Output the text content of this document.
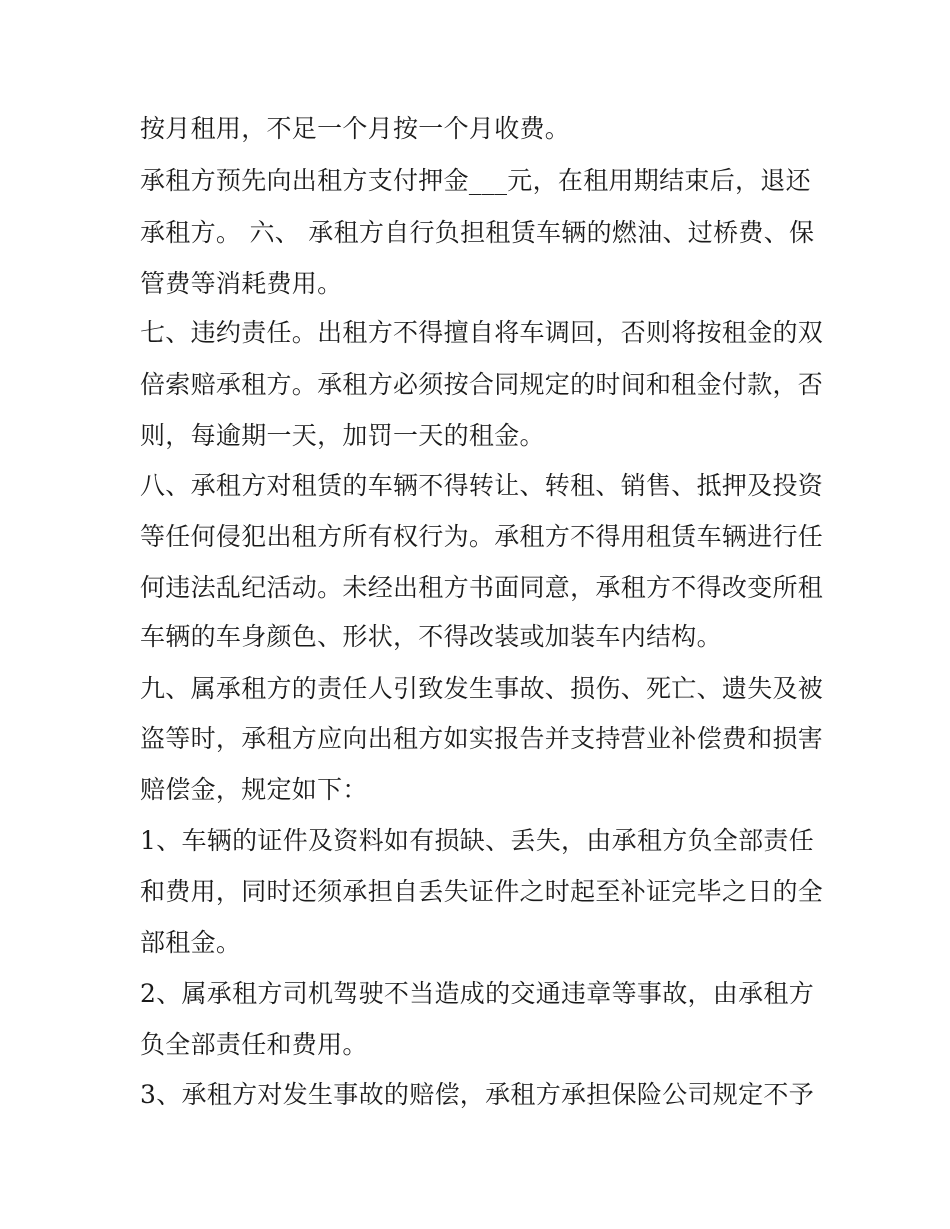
按月租用，不足一个月按一个月收费。
承租方预先向出租方支付押金___元，在租用期结束后，退还
承租方。 六、 承租方自行负担租赁车辆的燃油、过桥费、保
管费等消耗费用。
七、违约责任。出租方不得擅自将车调回，否则将按租金的双
倍索赔承租方。承租方必须按合同规定的时间和租金付款，否
则，每逾期一天，加罚一天的租金。
八、承租方对租赁的车辆不得转让、转租、销售、抵押及投资
等任何侵犯出租方所有权行为。承租方不得用租赁车辆进行任
何违法乱纪活动。未经出租方书面同意，承租方不得改变所租
车辆的车身颜色、形状，不得改装或加装车内结构。
九、属承租方的责任人引致发生事故、损伤、死亡、遗失及被
盗等时，承租方应向出租方如实报告并支持营业补偿费和损害
赔偿金，规定如下：
1、车辆的证件及资料如有损缺、丢失，由承租方负全部责任
和费用，同时还须承担自丢失证件之时起至补证完毕之日的全
部租金。
2、属承租方司机驾驶不当造成的交通违章等事故，由承租方
负全部责任和费用。
3、承租方对发生事故的赔偿，承租方承担保险公司规定不予
